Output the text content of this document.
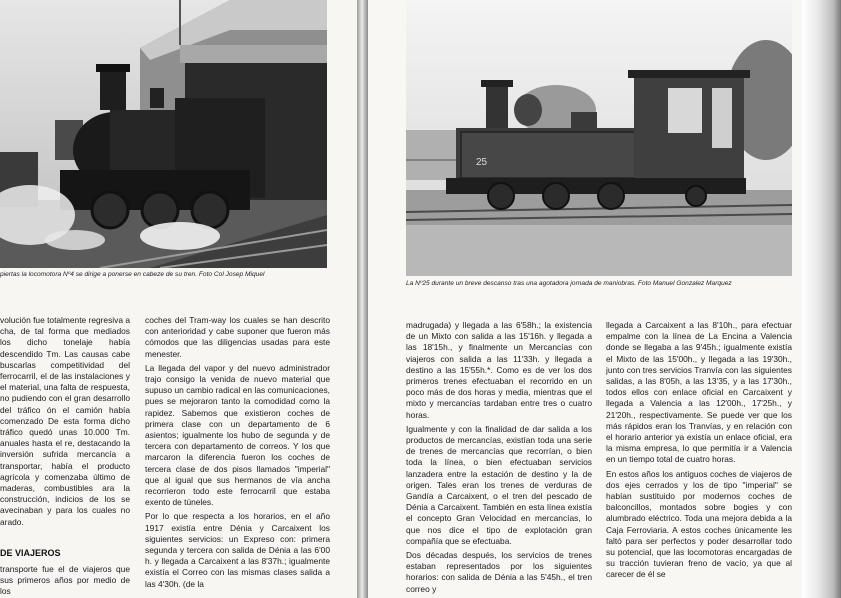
piertas la locomotora Nº4 se dirige a ponerse en cabeze de su tren. Foto Col Josep Miquel

volución fue totalmente regresiva a cha, de tal forma que mediados los dicho tonelaje había descendido Tm. Las causas cabe buscarlas competitividad del ferrocarril, el de las instalaciones y el material, una falta de respuesta, no pudiendo con el gran desarrollo del tráfico ón el camión había comenzado De esta forma dicho tráfico quedó unas 10.000 Tm. anuales hasta el re, destacando la inversión sufrida mercancía a transportar, había el producto agrícola y comenzaba último de maderas, combustibles ara la construcción, indicios de los se avecinaban y para los cuales no arado.

DE VIAJEROS

transporte fue el de viajeros que sus primeros años por medio de los

coches del Tram-way los cuales se han descrito con anterioridad y cabe suponer que fueron más cómodos que las diligencias usadas para este menester.

La llegada del vapor y del nuevo administrador trajo consigo la venida de nuevo material que supuso un cambio radical en las comunicaciones, pues se mejoraron tanto la comodidad como la rapidez. Sabemos que existieron coches de primera clase con un departamento de 6 asientos; igualmente los hubo de segunda y de tercera con departamento de correos. Y los que marcaron la diferencia fueron los coches de tercera clase de dos pisos llamados "imperial" que al igual que sus hermanos de vía ancha recorrieron todo este ferrocarril que estaba exento de túneles.

Por lo que respecta a los horarios, en el año 1917 existía entre Dénia y Carcaixent los siguientes servicios: un Expreso con: primera segunda y tercera con salida de Dénia a las 6'00 h. y llegada a Carcaixent a las 8'37h.; igualmente existía el Correo con las mismas clases salida a las 4'30h. (de la

25
La Nº25 durante un breve descanso tras una agotadora jornada de maniobras. Foto Manuel Gonzalez Marquez

madrugada) y llegada a las 6'58h.; la existencia de un Mixto con salida a las 15'16h. y llegada a las 18'15h., y finalmente un Mercancías con viajeros con salida a las 11'33h. y llegada a destino a las 15'55h.*. Como es de ver los dos primeros trenes efectuaban el recorrido en un poco más de dos horas y media, mientras que el mixto y mercancías tardaban entre tres o cuatro horas.

Igualmente y con la finalidad de dar salida a los productos de mercancías, existían toda una serie de trenes de mercancías que recorrían, o bien toda la línea, o bien efectuaban servicios lanzadera entre la estación de destino y la de origen. Tales eran los trenes de verduras de Gandía a Carcaixent, o el tren del pescado de Dénia a Carcaixent. También en esta línea existía el concepto Gran Velocidad en mercancías, lo que nos dice el tipo de explotación gran compañía que se efectuaba.

Dos décadas después, los servicios de trenes estaban representados por los siguientes horarios: con salida de Dénia a las 5'45h., el tren correo y

llegada a Carcaixent a las 8'10h., para efectuar empalme con la línea de La Encina a Valencia donde se llegaba a las 9'45h.; igualmente existía el Mixto de las 15'00h., y llegada a las 19'30h., junto con tres servicios Tranvía con las siguientes salidas, a las 8'05h, a las 13'35, y a las 17'30h., todos ellos con enlace oficial en Carcaixent y llegada a Valencia a las 12'00h., 17'25h., y 21'20h., respectivamente. Se puede ver que los más rápidos eran los Tranvías, y en relación con el horario anterior ya existía un enlace oficial, era la misma empresa, lo que permitía ir a Valencia en un tiempo total de cuatro horas.

En estos años los antiguos coches de viajeros de dos ejes cerrados y los de tipo "imperial" se habían sustituido por modernos coches de balconcillos, montados sobre bogies y con alumbrado eléctrico. Toda una mejora debida a la Caja Ferroviaria. A estos coches únicamente les faltó para ser perfectos y poder desarrollar todo su potencial, que las locomotoras encargadas de su tracción tuvieran freno de vacío, ya que al carecer de él se
